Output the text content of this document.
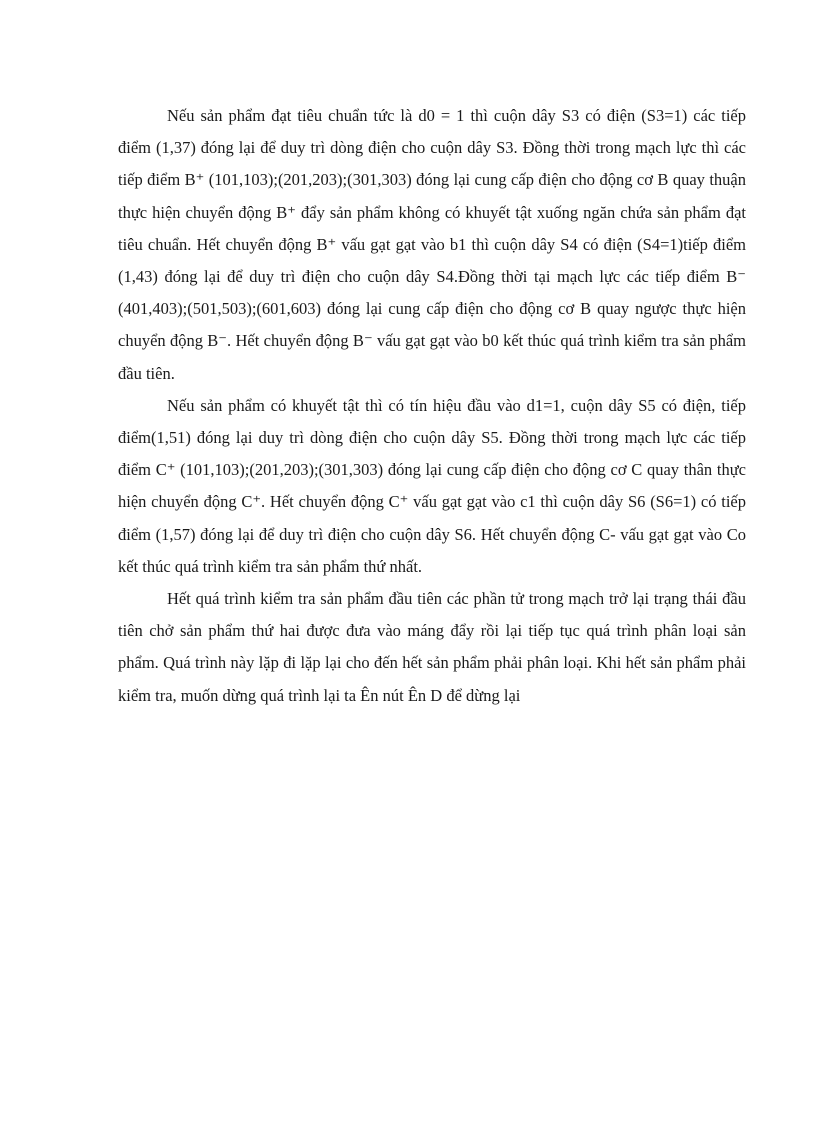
Nếu sản phẩm đạt tiêu chuẩn tức là d0 = 1 thì cuộn dây S3 có điện (S3=1) các tiếp điểm (1,37) đóng lại để duy trì dòng điện cho cuộn dây S3. Đồng thời trong mạch lực thì các tiếp điểm B⁺ (101,103);(201,203);(301,303) đóng lại cung cấp điện cho động cơ B quay thuận thực hiện chuyển động B⁺ đẩy sản phẩm không có khuyết tật xuống ngăn chứa sản phẩm đạt tiêu chuẩn. Hết chuyển động B⁺ vấu gạt gạt vào b1 thì cuộn dây S4 có điện (S4=1)tiếp điểm (1,43) đóng lại để duy trì điện cho cuộn dây S4.Đồng thời tại mạch lực các tiếp điểm B⁻ (401,403);(501,503);(601,603) đóng lại cung cấp điện cho động cơ B quay ngược thực hiện chuyển động B⁻. Hết chuyển động B⁻ vấu gạt gạt vào b0 kết thúc quá trình kiểm tra sản phẩm đầu tiên.

Nếu sản phẩm có khuyết tật thì có tín hiệu đầu vào d1=1, cuộn dây S5 có điện, tiếp điểm(1,51) đóng lại duy trì dòng điện cho cuộn dây S5. Đồng thời trong mạch lực các tiếp điểm C⁺ (101,103);(201,203);(301,303) đóng lại cung cấp điện cho động cơ C quay thân thực hiện chuyển động C⁺. Hết chuyển động C⁺ vấu gạt gạt vào c1 thì cuộn dây S6 (S6=1) có tiếp điểm (1,57) đóng lại để duy trì điện cho cuộn dây S6. Hết chuyển động C- vấu gạt gạt vào Co kết thúc quá trình kiểm tra sản phẩm thứ nhất.

Hết quá trình kiểm tra sản phẩm đầu tiên các phần tử trong mạch trở lại trạng thái đầu tiên chở sản phẩm thứ hai được đưa vào máng đẩy rồi lại tiếp tục quá trình phân loại sản phẩm. Quá trình này lặp đi lặp lại cho đến hết sản phẩm phải phân loại. Khi hết sản phẩm phải kiểm tra, muốn dừng quá trình lại ta Ên nút Ên D để dừng lại
